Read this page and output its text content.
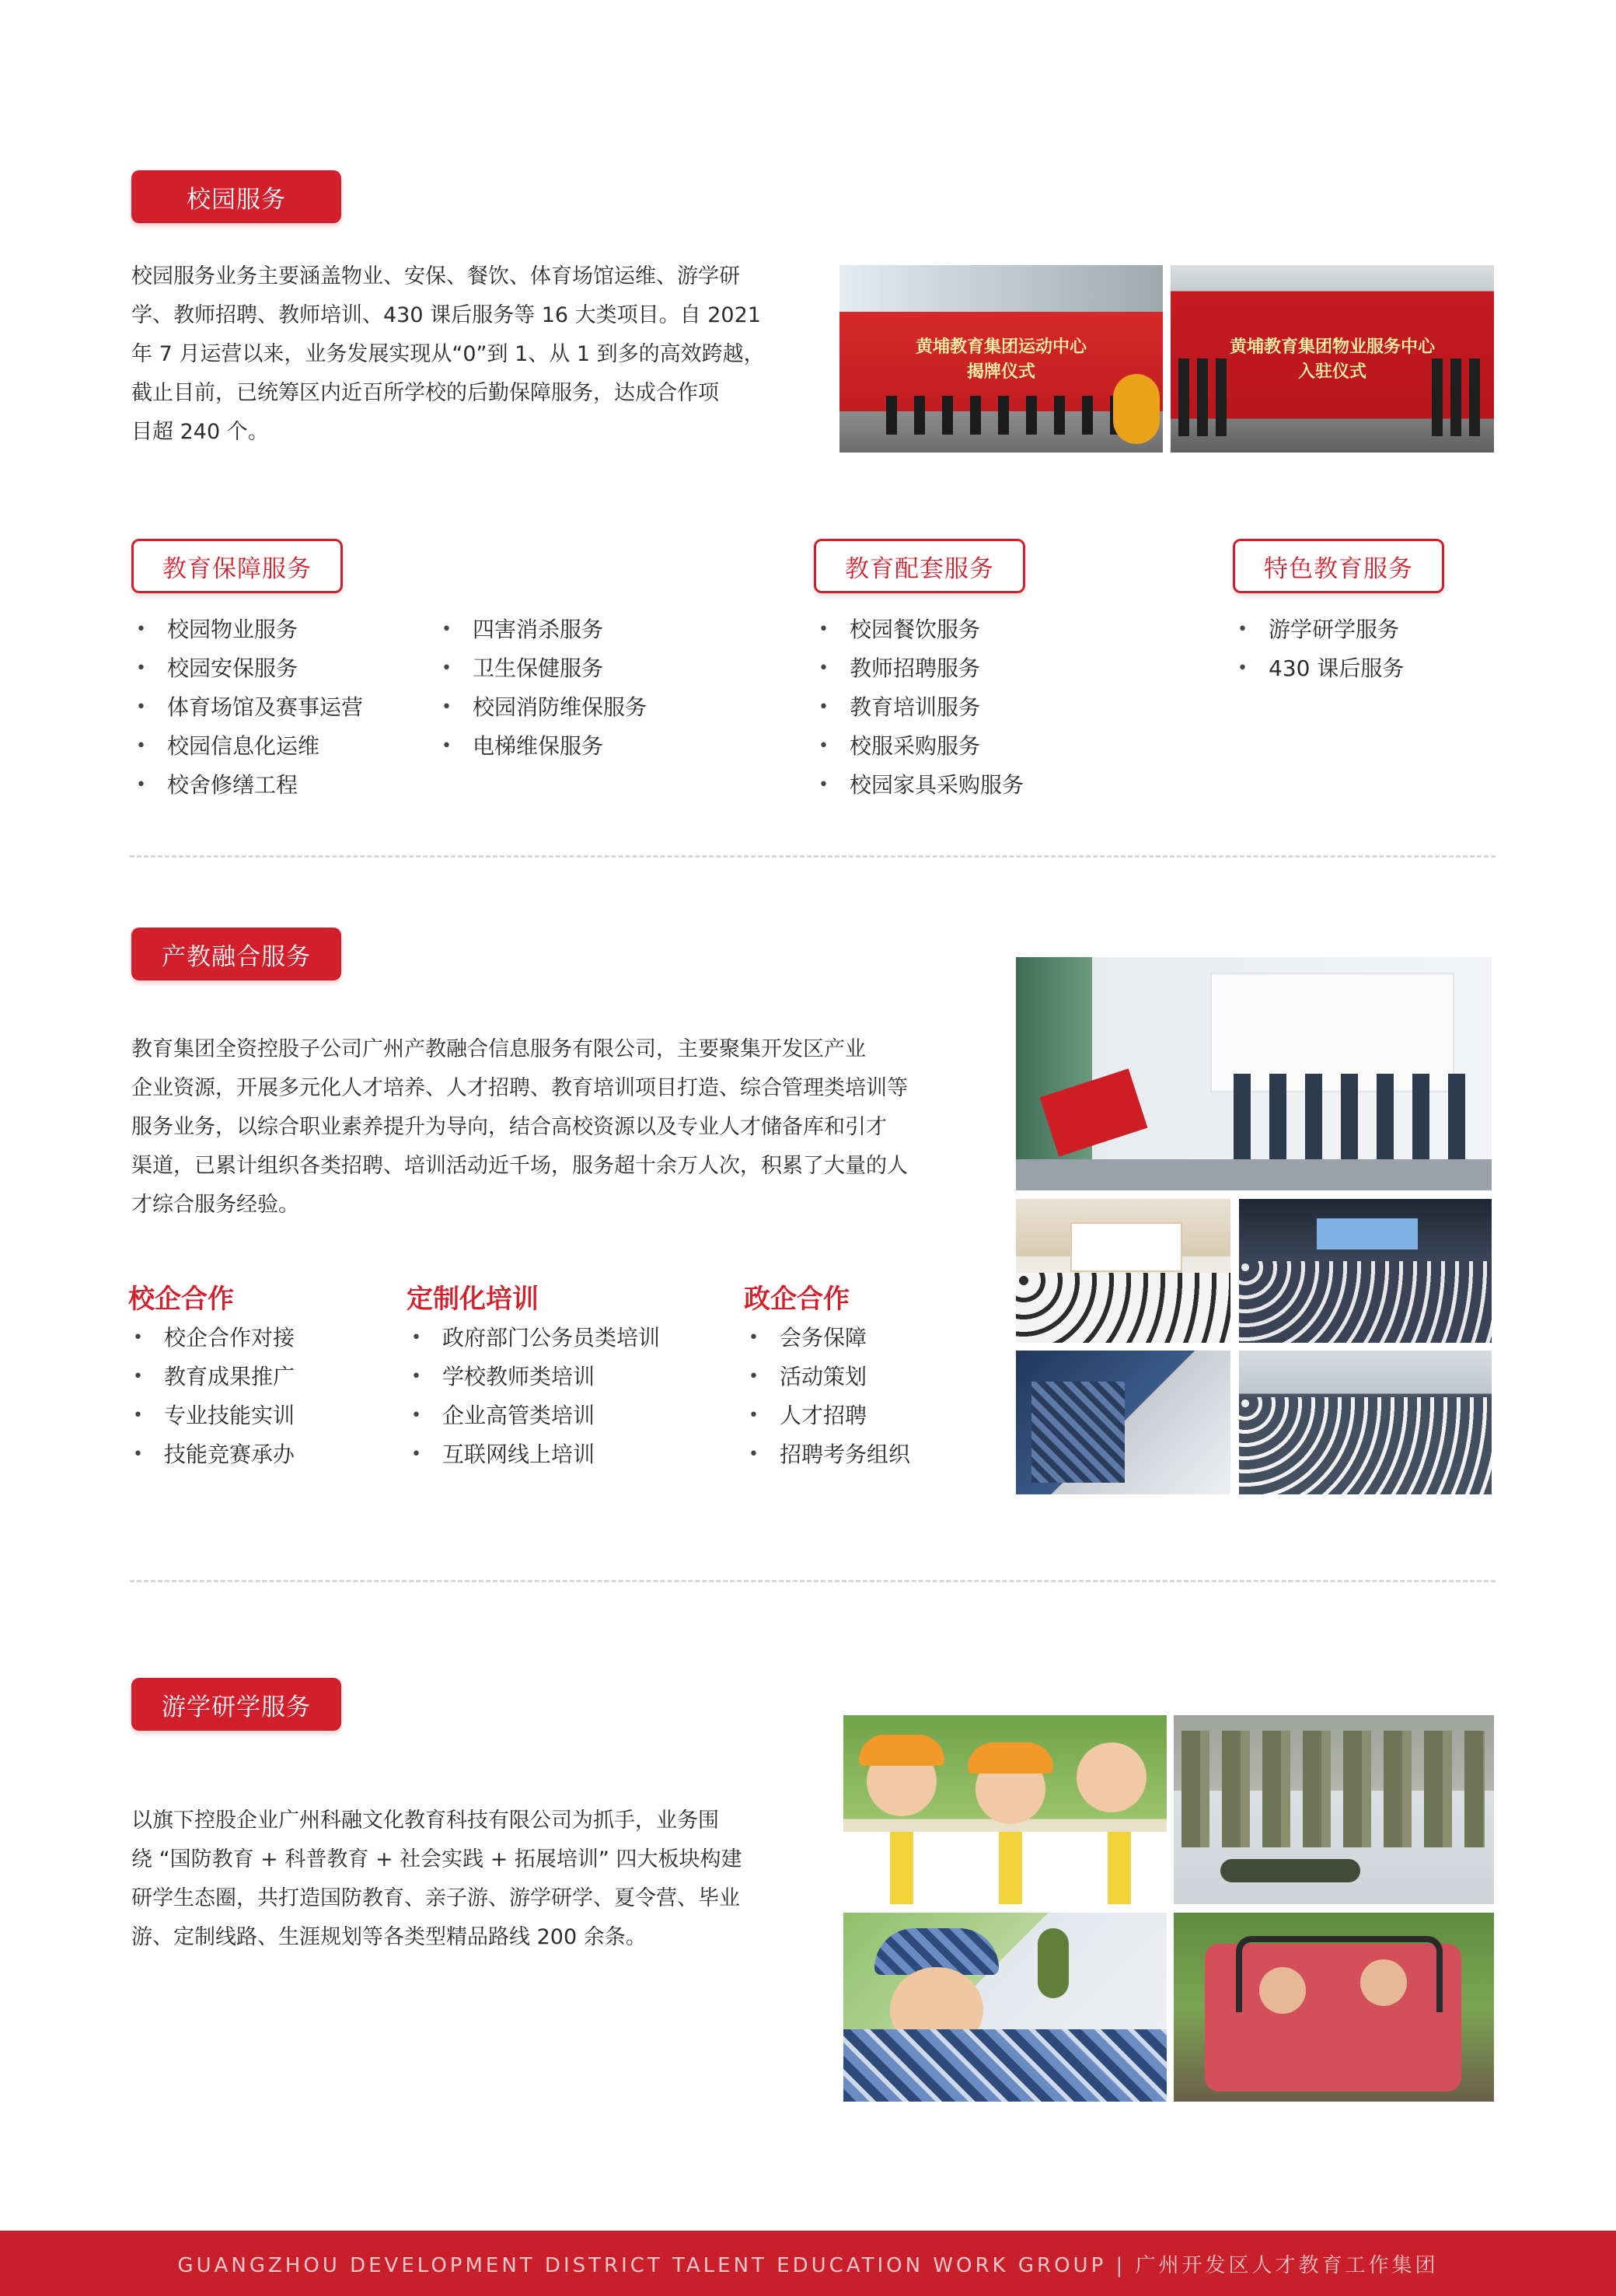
校园服务
校园服务业务主要涵盖物业、安保、餐饮、体育场馆运维、游学研
学、教师招聘、教师培训、430 课后服务等 16 大类项目。自 2021
年 7 月运营以来，业务发展实现从“0”到 1、从 1 到多的高效跨越，
截止目前，已统筹区内近百所学校的后勤保障服务，达成合作项
目超 240 个。
黄埔教育集团运动中心
揭牌仪式
黄埔教育集团物业服务中心
入驻仪式
教育保障服务	教育配套服务	特色教育服务
• 校园物业服务
• 校园安保服务
• 体育场馆及赛事运营
• 校园信息化运维
• 校舍修缮工程
• 四害消杀服务
• 卫生保健服务
• 校园消防维保服务
• 电梯维保服务
• 校园餐饮服务
• 教师招聘服务
• 教育培训服务
• 校服采购服务
• 校园家具采购服务
• 游学研学服务
• 430 课后服务
产教融合服务
教育集团全资控股子公司广州产教融合信息服务有限公司，主要聚集开发区产业
企业资源，开展多元化人才培养、人才招聘、教育培训项目打造、综合管理类培训等
服务业务，以综合职业素养提升为导向，结合高校资源以及专业人才储备库和引才
渠道，已累计组织各类招聘、培训活动近千场，服务超十余万人次，积累了大量的人
才综合服务经验。
校企合作	定制化培训	政企合作
• 校企合作对接
• 教育成果推广
• 专业技能实训
• 技能竞赛承办
• 政府部门公务员类培训
• 学校教师类培训
• 企业高管类培训
• 互联网线上培训
• 会务保障
• 活动策划
• 人才招聘
• 招聘考务组织
游学研学服务
以旗下控股企业广州科融文化教育科技有限公司为抓手，业务围
绕 “国防教育 + 科普教育 + 社会实践 + 拓展培训” 四大板块构建
研学生态圈，共打造国防教育、亲子游、游学研学、夏令营、毕业
游、定制线路、生涯规划等各类型精品路线 200 余条。
GUANGZHOU DEVELOPMENT DISTRICT TALENT EDUCATION WORK GROUP | 广州开发区人才教育工作集团
